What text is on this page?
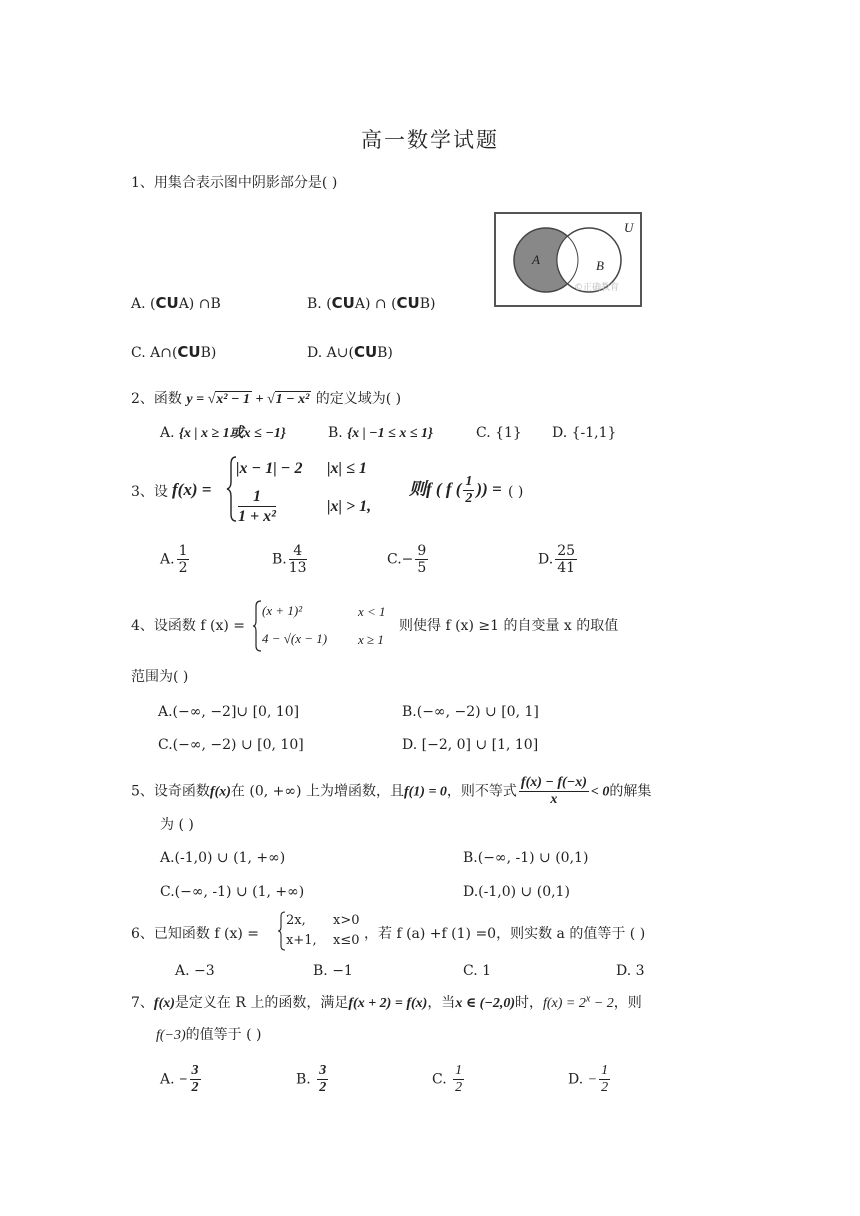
高一数学试题
1、用集合表示图中阴影部分是( )
A	B
U
©正确教育
A. (CUA) ∩B	B. (CUA) ∩ (CUB)
C. A∩(CUB)	D. A∪(CUB)
2、函数 y = √x² − 1 + √1 − x² 的定义域为( )
A. {x | x ≥ 1或x ≤ −1}	B. {x | −1 ≤ x ≤ 1}	C. {1} D. {-1,1}
3、设 f(x) =
|x − 1| − 2 |x| ≤ 1
$\frac{1}{\text{1 + x²}}$	|x| > 1,
则f ( f ( $\frac{1}{2}$ )) = ( )
A. $\frac{1}{2}$	B. $\frac{4}{13}$	$C.- \frac{9}{5}$	D. $\frac{25}{41}$
4、设函数 f (x) =
(x + 1)²	x < 1
4 − √(x − 1) x ≥ 1
则使得 f (x) ≥1 的自变量 x 的取值
范围为( )
A.(−∞, −2]∪ [0, 10]	B.(−∞, −2) ∪ [0, 1]
C.(−∞, −2) ∪ [0, 10]	D. [−2, 0] ∪ [1, 10]
5、设奇函数f(x)在 (0, +∞) 上为增函数，且f(1) = 0，则不等式 $\frac{f(x) - f(-x)}{x} < 0$的解集
为 ( )
A.(-1,0) ∪ (1, +∞)	B.(−∞, -1) ∪ (0,1)
C.(−∞, -1) ∪ (1, +∞)	D.(-1,0) ∪ (0,1)
6、已知函数 f (x) =
2x, x>0
x+1, x≤0 ，若 f (a) +f (1) =0，则实数 a 的值等于 ( )
A. −3	B. −1	C. 1	D. 3
7、f(x)是定义在 R 上的函数，满足f(x + 2) = f(x)，当x ∈ (−2,0)时，$f(x) = 2^x - 2$，则
f(−3)的值等于 ( )
A. − $\frac{3}{2}$	B. $\frac{3}{2}$	C. $\frac{1}{2}$	D. − $\frac{1}{2}$
